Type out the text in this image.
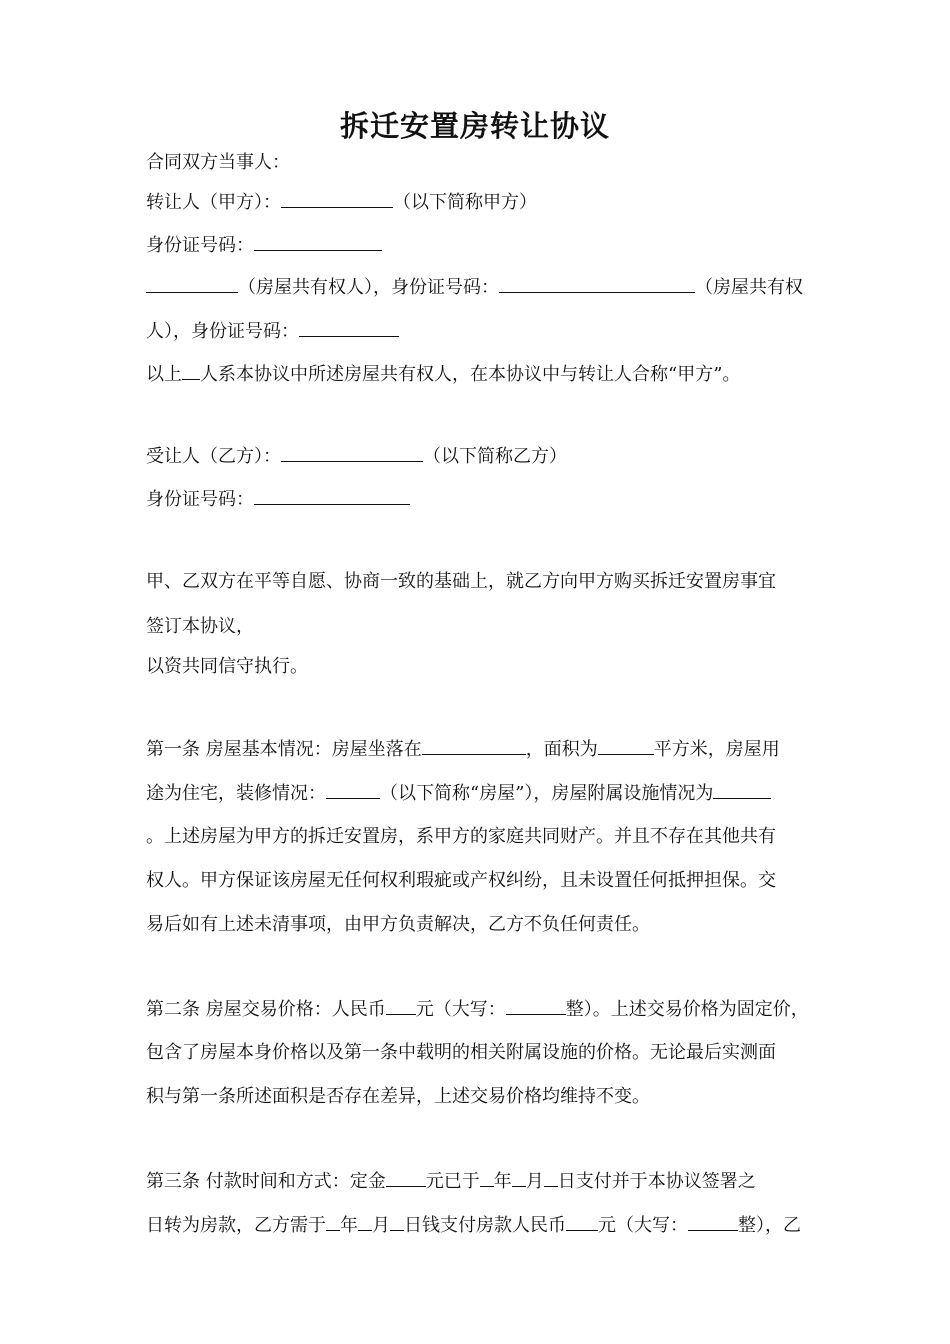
拆迁安置房转让协议
合同双方当事人：
转让人（甲方）：	（以下简称甲方）
身份证号码：
（房屋共有权人），身份证号码：	（房屋共有权
人），身份证号码：
以上 人系本协议中所述房屋共有权人，在本协议中与转让人合称“甲方”。
受让人（乙方）：	（以下简称乙方）
身份证号码：
甲、乙双方在平等自愿、协商一致的基础上，就乙方向甲方购买拆迁安置房事宜
签订本协议，
以资共同信守执行。
第一条 房屋基本情况：房屋坐落在	，面积为	平方米，房屋用
途为住宅，装修情况：	（以下简称“房屋”），房屋附属设施情况为
。上述房屋为甲方的拆迁安置房，系甲方的家庭共同财产。并且不存在其他共有
权人。甲方保证该房屋无任何权利瑕疵或产权纠纷，且未设置任何抵押担保。交
易后如有上述未清事项，由甲方负责解决，乙方不负任何责任。
第二条 房屋交易价格：人民币 元（大写：	整）。上述交易价格为固定价，
包含了房屋本身价格以及第一条中载明的相关附属设施的价格。无论最后实测面
积与第一条所述面积是否存在差异，上述交易价格均维持不变。
第三条 付款时间和方式：定金 元已于 年 月 日支付并于本协议签署之
日转为房款，乙方需于 年 月 日钱支付房款人民币 元（大写：	整），乙
